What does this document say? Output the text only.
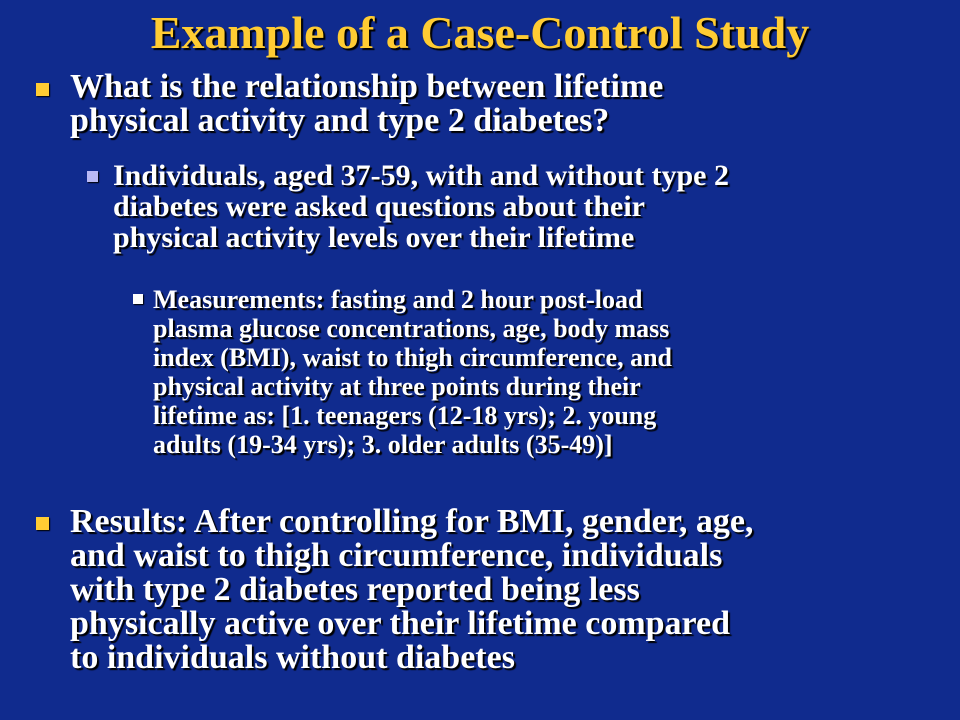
Example of a Case-Control Study
What is the relationship between lifetime
physical activity and type 2 diabetes?
Individuals, aged 37-59, with and without type 2
diabetes were asked questions about their
physical activity levels over their lifetime
Measurements: fasting and 2 hour post-load
plasma glucose concentrations, age, body mass
index (BMI), waist to thigh circumference, and
physical activity at three points during their
lifetime as: [1. teenagers (12-18 yrs); 2. young
adults (19-34 yrs); 3. older adults (35-49)]
Results: After controlling for BMI, gender, age,
and waist to thigh circumference, individuals
with type 2 diabetes reported being less
physically active over their lifetime compared
to individuals without diabetes
